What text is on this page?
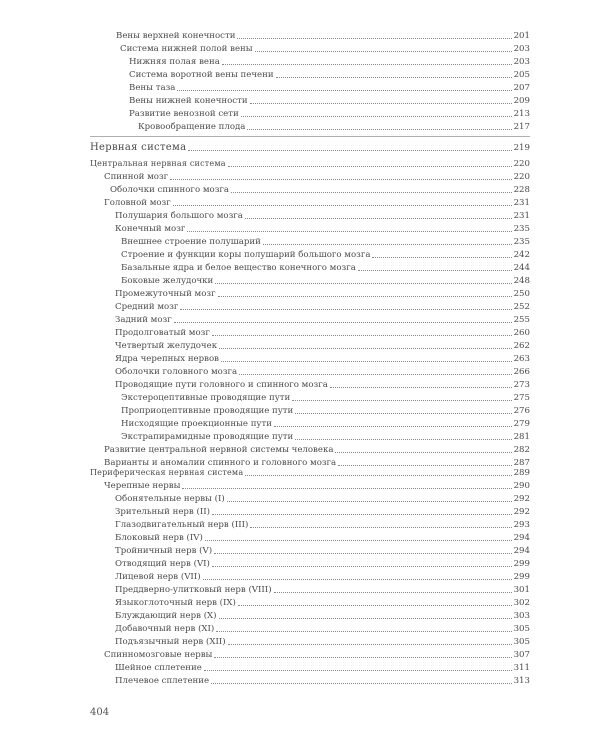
Вены верхней конечности	201
Система нижней полой вены	203
Нижняя полая вена	203
Система воротной вены печени	205
Вены таза	207
Вены нижней конечности	209
Развитие венозной сети	213
Кровообращение плода	217
Нервная система	219
Центральная нервная система	220
Спинной мозг	220
Оболочки спинного мозга	228
Головной мозг	231
Полушария большого мозга	231
Конечный мозг	235
Внешнее строение полушарий	235
Строение и функции коры полушарий большого мозга	242
Базальные ядра и белое вещество конечного мозга	244
Боковые желудочки	248
Промежуточный мозг	250
Средний мозг	252
Задний мозг	255
Продолговатый мозг	260
Четвертый желудочек	262
Ядра черепных нервов	263
Оболочки головного мозга	266
Проводящие пути головного и спинного мозга	273
Экстероцептивные проводящие пути	275
Проприоцептивные проводящие пути	276
Нисходящие проекционные пути	279
Экстрапирамидные проводящие пути	281
Развитие центральной нервной системы человека	282
Варианты и аномалии спинного и головного мозга	287
Периферическая нервная система	289
Черепные нервы	290
Обонятельные нервы (I)	292
Зрительный нерв (II)	292
Глазодвигательный нерв (III)	293
Блоковый нерв (IV)	294
Тройничный нерв (V)	294
Отводящий нерв (VI)	299
Лицевой нерв (VII)	299
Преддверно-улитковый нерв (VIII)	301
Языкоглоточный нерв (IX)	302
Блуждающий нерв (X)	303
Добавочный нерв (XI)	305
Подъязычный нерв (XII)	305
Спинномозговые нервы	307
Шейное сплетение	311
Плечевое сплетение	313
404
